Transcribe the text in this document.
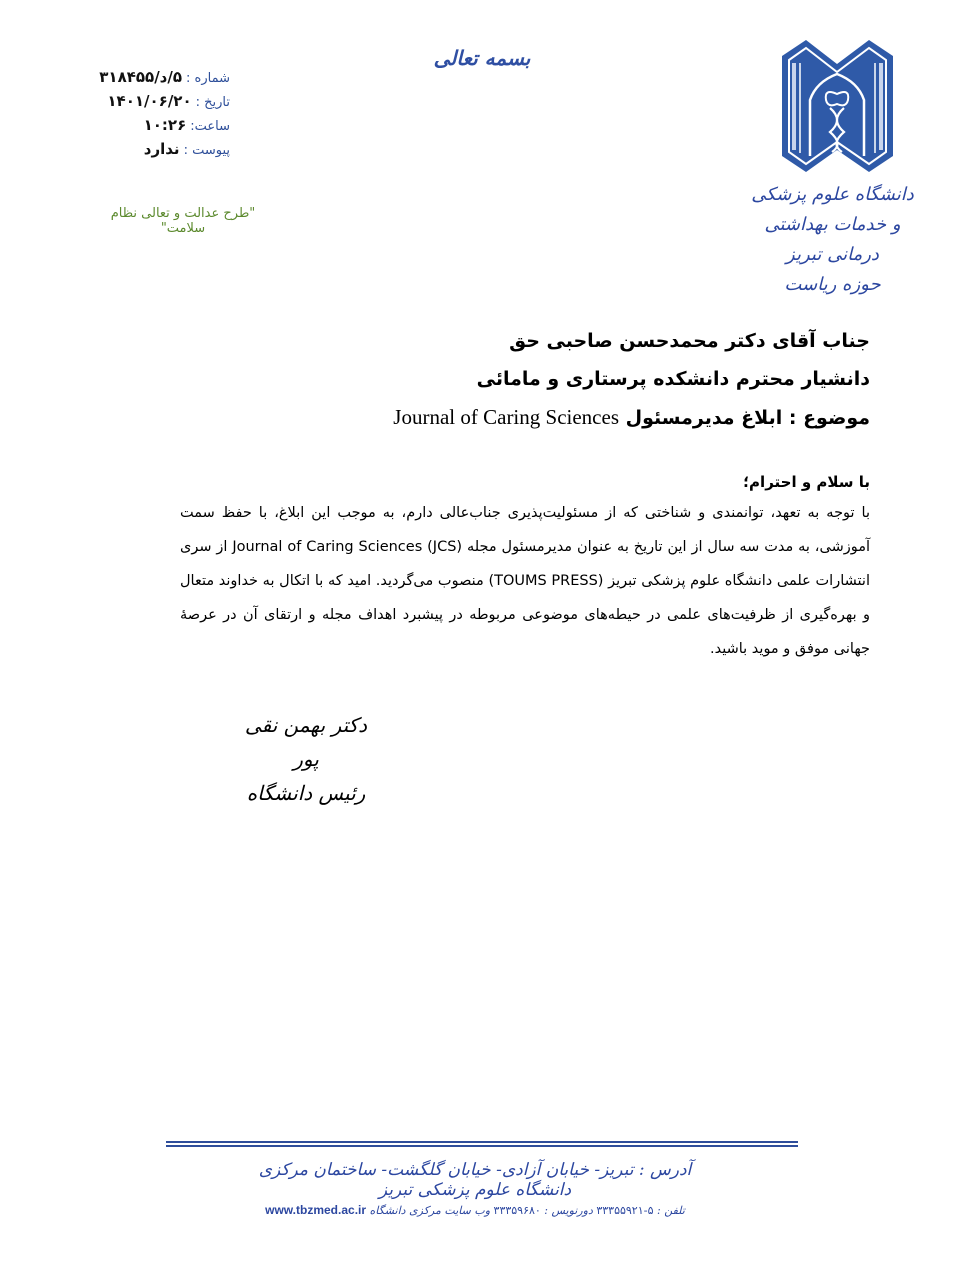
بسمه تعالی
شماره :
۵/د/۳۱۸۴۵۵
تاریخ :
۱۴۰۱/۰۶/۲۰
ساعت:
۱۰:۲۶
پیوست :
ندارد
"طرح عدالت و تعالی نظام سلامت"
دانشگاه علوم پزشکی
و خدمات بهداشتی درمانی تبریز
حوزه ریاست
جناب آقای دکتر محمدحسن صاحبی حق
دانشیار محترم دانشکده پرستاری و مامائی
موضوع : ابلاغ مدیرمسئول Journal of Caring Sciences
با سلام و احترام؛
با توجه به تعهد، توانمندی و شناختی که از مسئولیت‌پذیری جناب‌عالی دارم، به موجب این ابلاغ، با حفظ سمت آموزشی، به مدت سه سال از این تاریخ به عنوان مدیرمسئول مجله Journal of Caring Sciences (JCS) از سری انتشارات علمی دانشگاه علوم پزشکی تبریز (TOUMS PRESS) منصوب می‌گردید. امید که با اتکال به خداوند متعال و بهره‌گیری از ظرفیت‌های علمی در حیطه‌های موضوعی مربوطه در پیشبرد اهداف مجله و ارتقای آن در عرصهٔ جهانی موفق و موید باشید.
دکتر بهمن نقی پور
رئیس دانشگاه
آدرس : تبریز- خیابان آزادی- خیابان گلگشت- ساختمان مرکزی دانشگاه علوم پزشکی تبریز
تلفن : ۵-۳۳۳۵۵۹۲۱ دورنویس : ۳۳۳۵۹۶۸۰ وب سایت مرکزی دانشگاه www.tbzmed.ac.ir
